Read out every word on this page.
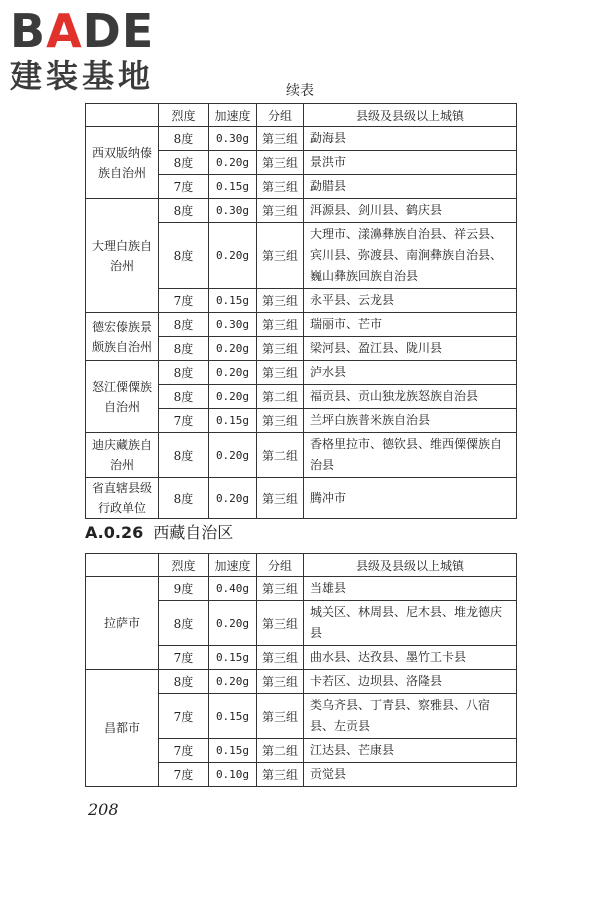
B A DE
建装基地	续表
	烈度	加速度	分组	县级及县级以上城镇
西双版纳傣族自治州	8度	0.30g	第三组	勐海县
	8度	0.20g	第三组	景洪市
	7度	0.15g	第三组	勐腊县
大理白族自治州	8度	0.30g	第三组	洱源县、剑川县、鹤庆县
	8度	0.20g	第三组	大理市、漾濞彝族自治县、祥云县、宾川县、弥渡县、南涧彝族自治县、巍山彝族回族自治县
	7度	0.15g	第三组	永平县、云龙县
德宏傣族景颇族自治州	8度	0.30g	第三组	瑞丽市、芒市
	8度	0.20g	第三组	梁河县、盈江县、陇川县
怒江傈僳族自治州	8度	0.20g	第三组	泸水县
	8度	0.20g	第二组	福贡县、贡山独龙族怒族自治县
	7度	0.15g	第三组	兰坪白族普米族自治县
迪庆藏族自治州	8度	0.20g	第二组	香格里拉市、德钦县、维西傈僳族自治县
省直辖县级行政单位	8度	0.20g	第三组	腾冲市
A.0.26 西藏自治区
	烈度	加速度	分组	县级及县级以上城镇
拉萨市	9度	0.40g	第三组	当雄县
	8度	0.20g	第三组	城关区、林周县、尼木县、堆龙德庆县
	7度	0.15g	第三组	曲水县、达孜县、墨竹工卡县
昌都市	8度	0.20g	第三组	卡若区、边坝县、洛隆县
	7度	0.15g	第三组	类乌齐县、丁青县、察雅县、八宿县、左贡县
	7度	0.15g	第二组	江达县、芒康县
	7度	0.10g	第三组	贡觉县
208
